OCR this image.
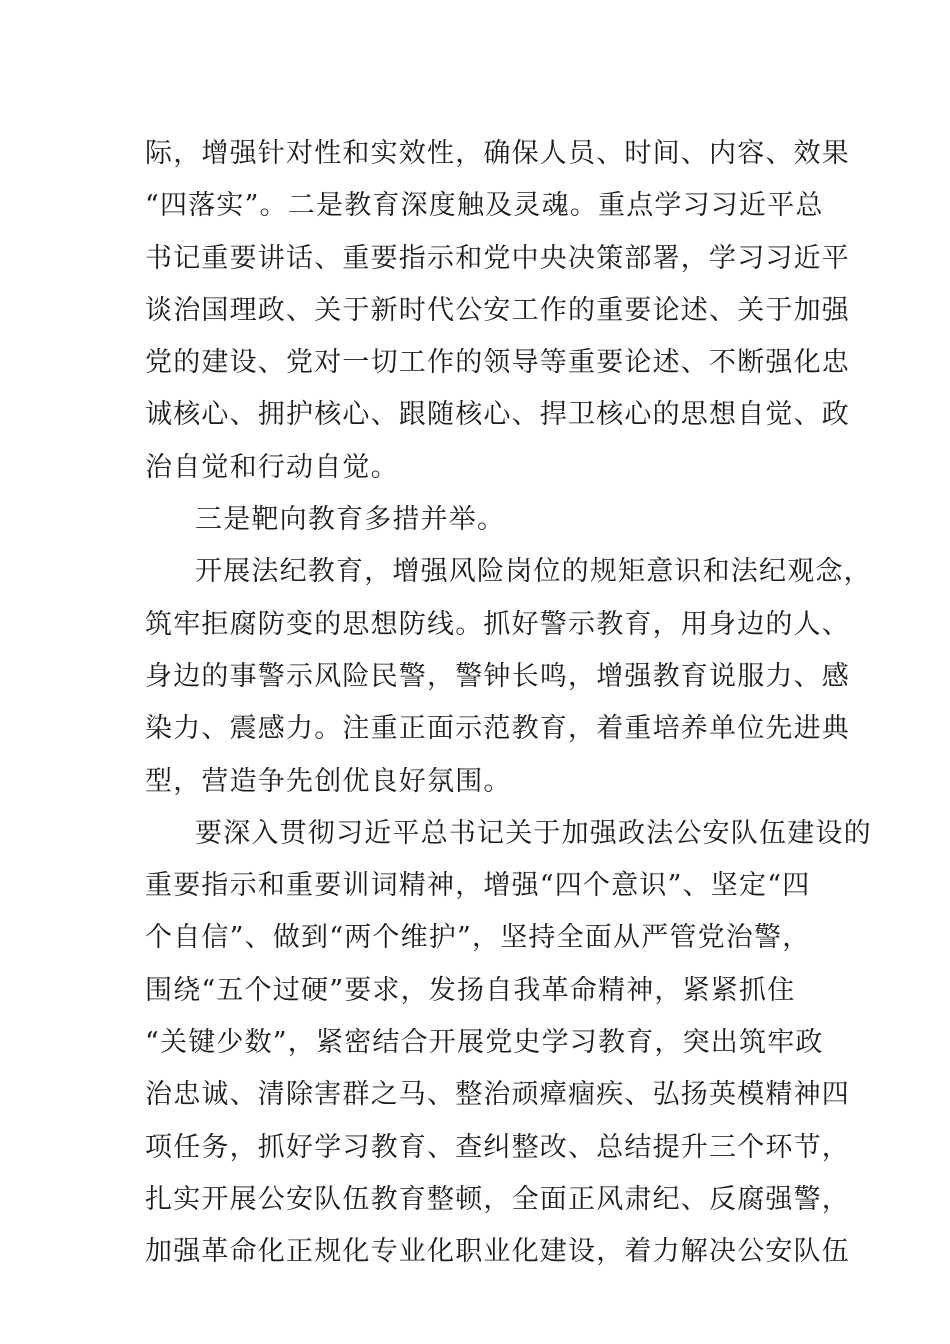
际，增强针对性和实效性，确保人员、时间、内容、效果
“四落实”。二是教育深度触及灵魂。重点学习习近平总
书记重要讲话、重要指示和党中央决策部署，学习习近平
谈治国理政、关于新时代公安工作的重要论述、关于加强
党的建设、党对一切工作的领导等重要论述、不断强化忠
诚核心、拥护核心、跟随核心、捍卫核心的思想自觉、政
治自觉和行动自觉。
三是靶向教育多措并举。
开展法纪教育，增强风险岗位的规矩意识和法纪观念，
筑牢拒腐防变的思想防线。抓好警示教育，用身边的人、
身边的事警示风险民警，警钟长鸣，增强教育说服力、感
染力、震感力。注重正面示范教育，着重培养单位先进典
型，营造争先创优良好氛围。
要深入贯彻习近平总书记关于加强政法公安队伍建设的
重要指示和重要训词精神，增强“四个意识”、坚定“四
个自信”、做到“两个维护”，坚持全面从严管党治警，
围绕“五个过硬”要求，发扬自我革命精神，紧紧抓住
“关键少数”，紧密结合开展党史学习教育，突出筑牢政
治忠诚、清除害群之马、整治顽瘴痼疾、弘扬英模精神四
项任务，抓好学习教育、查纠整改、总结提升三个环节，
扎实开展公安队伍教育整顿，全面正风肃纪、反腐强警，
加强革命化正规化专业化职业化建设，着力解决公安队伍
